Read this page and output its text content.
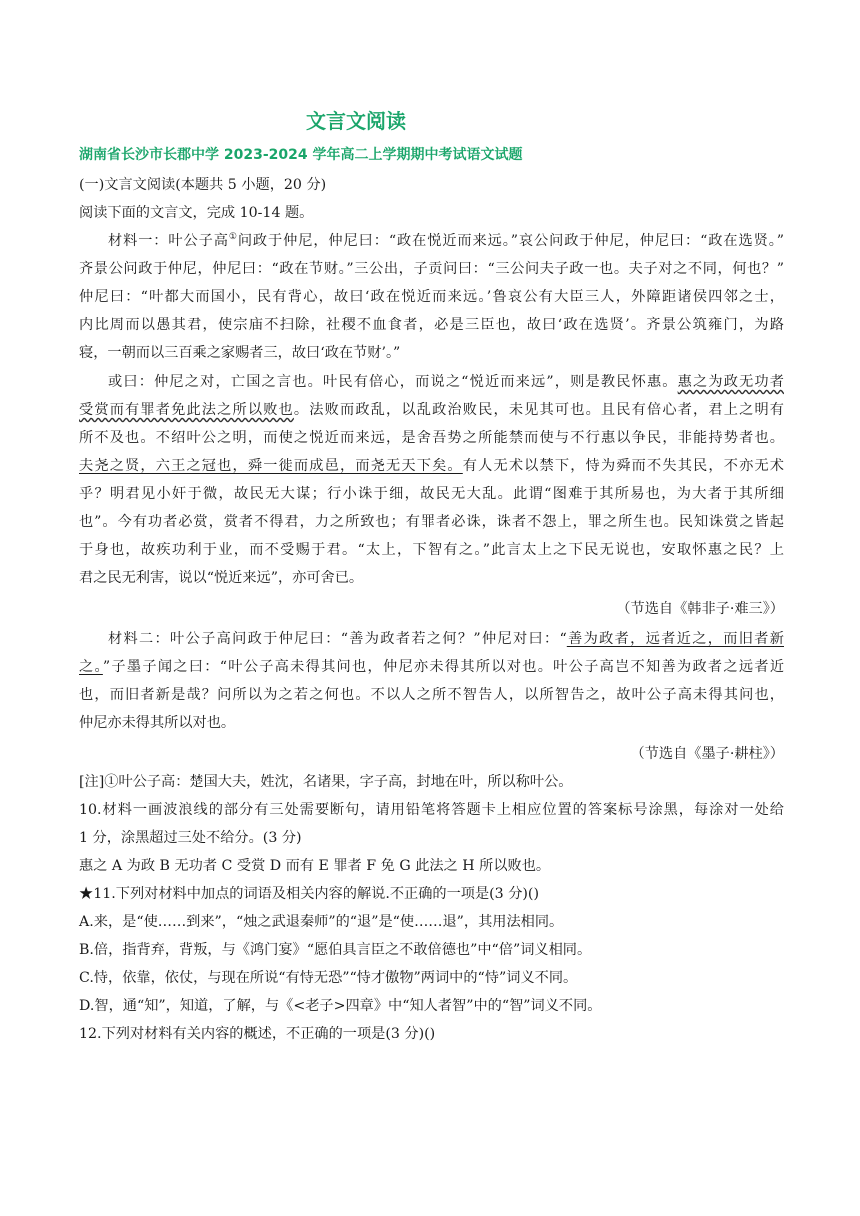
文言文阅读
湖南省长沙市长郡中学 2023-2024 学年高二上学期期中考试语文试题
(一)文言文阅读(本题共 5 小题，20 分)
阅读下面的文言文，完成 10-14 题。
材料一：叶公子高①问政于仲尼，仲尼曰：“政在悦近而来远。”哀公问政于仲尼，仲尼曰：“政在选贤。”
齐景公问政于仲尼，仲尼曰：“政在节财。”三公出，子贡问曰：“三公问夫子政一也。夫子对之不同，何也？”
仲尼曰：“叶都大而国小，民有背心，故曰‘政在悦近而来远。’鲁哀公有大臣三人，外障距诸侯四邻之士，
内比周而以愚其君，使宗庙不扫除，社稷不血食者，必是三臣也，故曰‘政在选贤’。齐景公筑雍门，为路
寝，一朝而以三百乘之家赐者三，故曰‘政在节财’。”
或曰：仲尼之对，亡国之言也。叶民有倍心，而说之“悦近而来远”，则是教民怀惠。惠之为政无功者
受赏而有罪者免此法之所以败也。法败而政乱，以乱政治败民，未见其可也。且民有倍心者，君上之明有
所不及也。不绍叶公之明，而使之悦近而来远，是舍吾势之所能禁而使与不行惠以争民，非能持势者也。
夫尧之贤，六王之冠也，舜一徙而成邑，而尧无天下矣。有人无术以禁下，恃为舜而不失其民，不亦无术
乎？明君见小奸于微，故民无大谋；行小诛于细，故民无大乱。此谓“图难于其所易也，为大者于其所细
也”。今有功者必赏，赏者不得君，力之所致也；有罪者必诛，诛者不怨上，罪之所生也。民知诛赏之皆起
于身也，故疾功利于业，而不受赐于君。“太上，下智有之。”此言太上之下民无说也，安取怀惠之民？上
君之民无利害，说以“悦近来远”，亦可舍已。
（节选自《韩非子·难三》）
材料二：叶公子高问政于仲尼曰：“善为政者若之何？”仲尼对曰：“善为政者，远者近之，而旧者新
之。”子墨子闻之曰：“叶公子高未得其问也，仲尼亦未得其所以对也。叶公子高岂不知善为政者之远者近
也，而旧者新是哉？问所以为之若之何也。不以人之所不智告人，以所智告之，故叶公子高未得其问也，
仲尼亦未得其所以对也。
（节选自《墨子·耕柱》）
[注]①叶公子高：楚国大夫，姓沈，名诸果，字子高，封地在叶，所以称叶公。
10.材料一画波浪线的部分有三处需要断句，请用铅笔将答题卡上相应位置的答案标号涂黑，每涂对一处给
1 分，涂黑超过三处不给分。(3 分)
惠之 A 为政 B 无功者 C 受赏 D 而有 E 罪者 F 免 G 此法之 H 所以败也。
★11.下列对材料中加点的词语及相关内容的解说.不正确的一项是(3 分)()
A.来，是“使……到来”，“烛之武退秦师”的“退”是“使……退”，其用法相同。
B.倍，指背弃，背叛，与《鸿门宴》“愿伯具言臣之不敢倍德也”中“倍”词义相同。
C.恃，依靠，依仗，与现在所说“有恃无恐”“恃才傲物”两词中的“恃”词义不同。
D.智，通“知”，知道，了解，与《<老子>四章》中“知人者智”中的“智”词义不同。
12.下列对材料有关内容的概述，不正确的一项是(3 分)()
